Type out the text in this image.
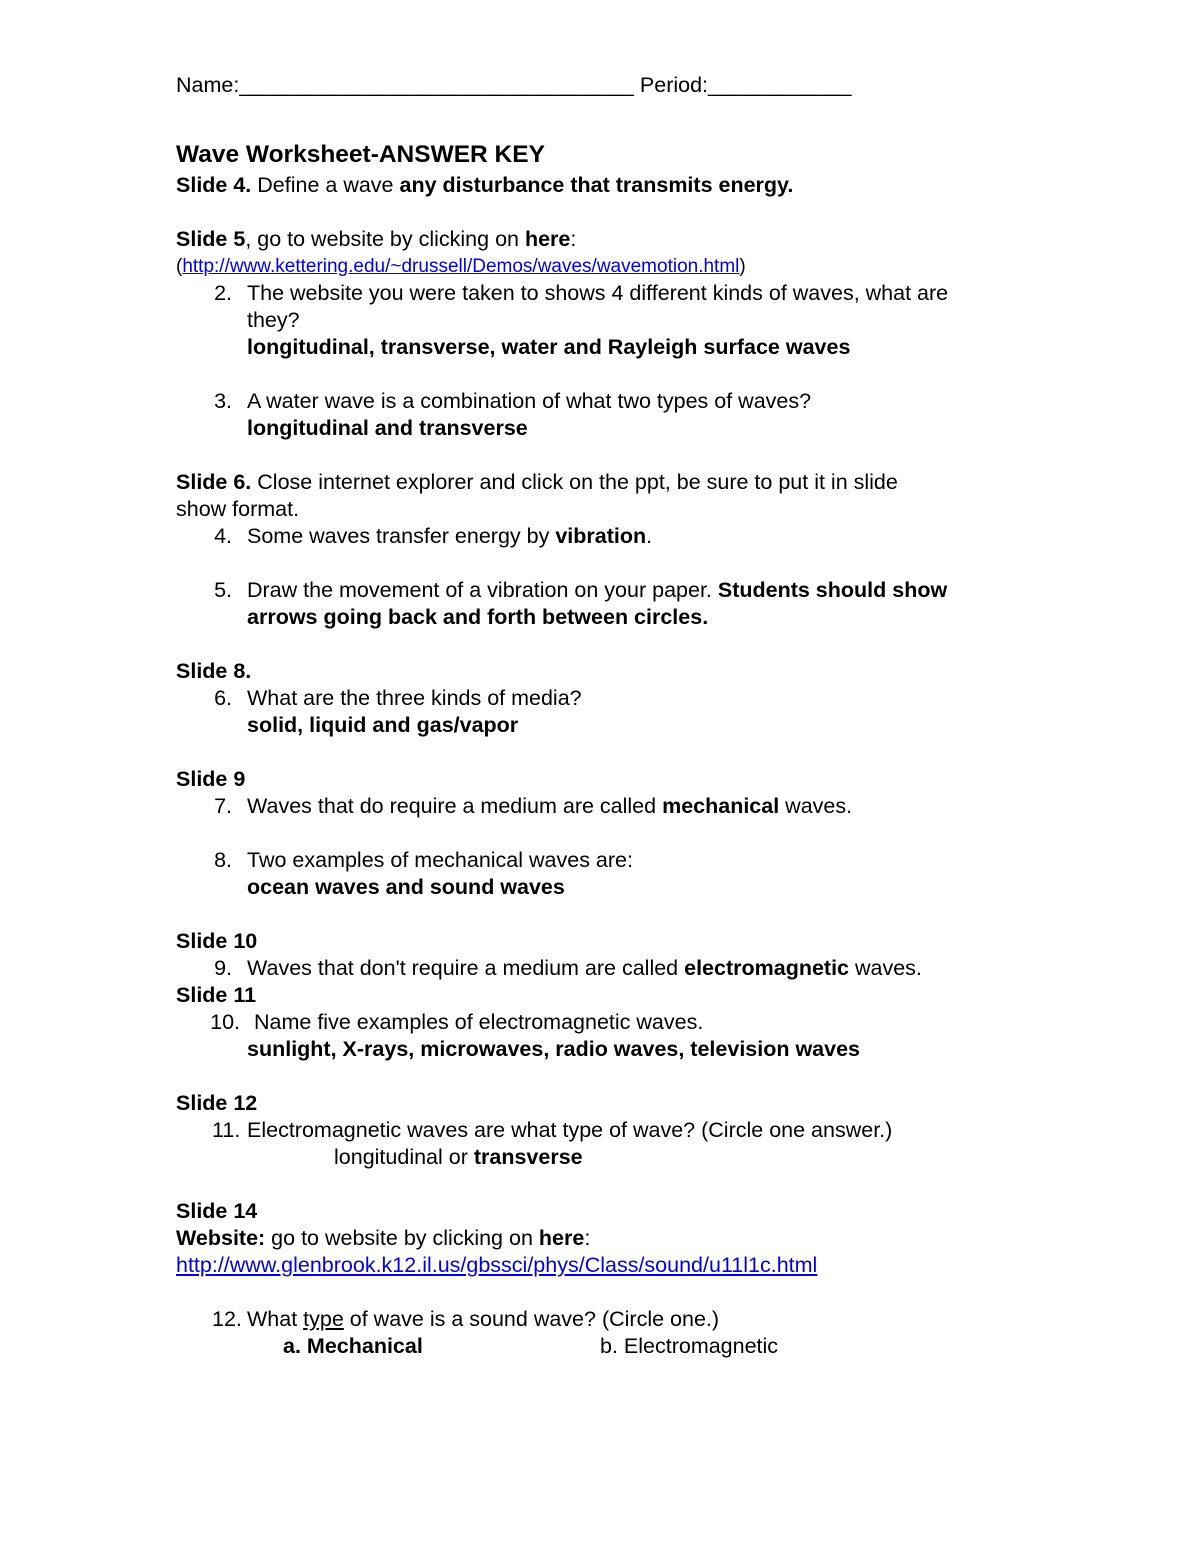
Name:_________________________________ Period:____________
Wave Worksheet-ANSWER KEY
Slide 4. Define a wave any disturbance that transmits energy.
Slide 5, go to website by clicking on here:
(http://www.kettering.edu/~drussell/Demos/waves/wavemotion.html)
2. The website you were taken to shows 4 different kinds of waves, what are
they?
longitudinal, transverse, water and Rayleigh surface waves
3. A water wave is a combination of what two types of waves?
longitudinal and transverse
Slide 6. Close internet explorer and click on the ppt, be sure to put it in slide
show format.
4. Some waves transfer energy by vibration.
5. Draw the movement of a vibration on your paper. Students should show
arrows going back and forth between circles.
Slide 8.
6. What are the three kinds of media?
solid, liquid and gas/vapor
Slide 9
7. Waves that do require a medium are called mechanical waves.
8. Two examples of mechanical waves are:
ocean waves and sound waves
Slide 10
9. Waves that don't require a medium are called electromagnetic waves.
Slide 11
10. Name five examples of electromagnetic waves.
sunlight, X-rays, microwaves, radio waves, television waves
Slide 12
11. Electromagnetic waves are what type of wave? (Circle one answer.)
longitudinal or transverse
Slide 14
Website: go to website by clicking on here:
http://www.glenbrook.k12.il.us/gbssci/phys/Class/sound/u11l1c.html
12. What type of wave is a sound wave? (Circle one.)
a. Mechanical	b. Electromagnetic
